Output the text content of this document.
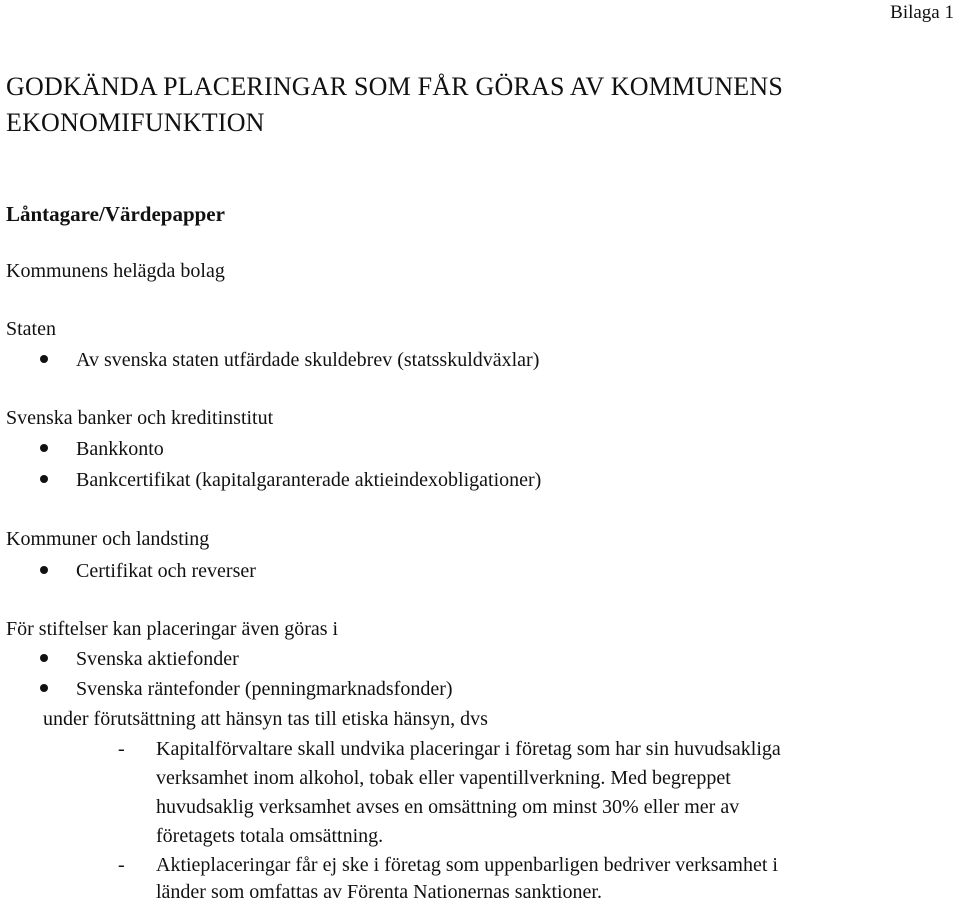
Bilaga 1
GODKÄNDA PLACERINGAR SOM FÅR GÖRAS AV KOMMUNENS
EKONOMIFUNKTION
Låntagare/Värdepapper
Kommunens helägda bolag
Staten
Av svenska staten utfärdade skuldebrev (statsskuldväxlar)
Svenska banker och kreditinstitut
Bankkonto
Bankcertifikat (kapitalgaranterade aktieindexobligationer)
Kommuner och landsting
Certifikat och reverser
För stiftelser kan placeringar även göras i
Svenska aktiefonder
Svenska räntefonder (penningmarknadsfonder)
under förutsättning att hänsyn tas till etiska hänsyn, dvs
- Kapitalförvaltare skall undvika placeringar i företag som har sin huvudsakliga
verksamhet inom alkohol, tobak eller vapentillverkning. Med begreppet
huvudsaklig verksamhet avses en omsättning om minst 30% eller mer av
företagets totala omsättning.
- Aktieplaceringar får ej ske i företag som uppenbarligen bedriver verksamhet i
länder som omfattas av Förenta Nationernas sanktioner.
